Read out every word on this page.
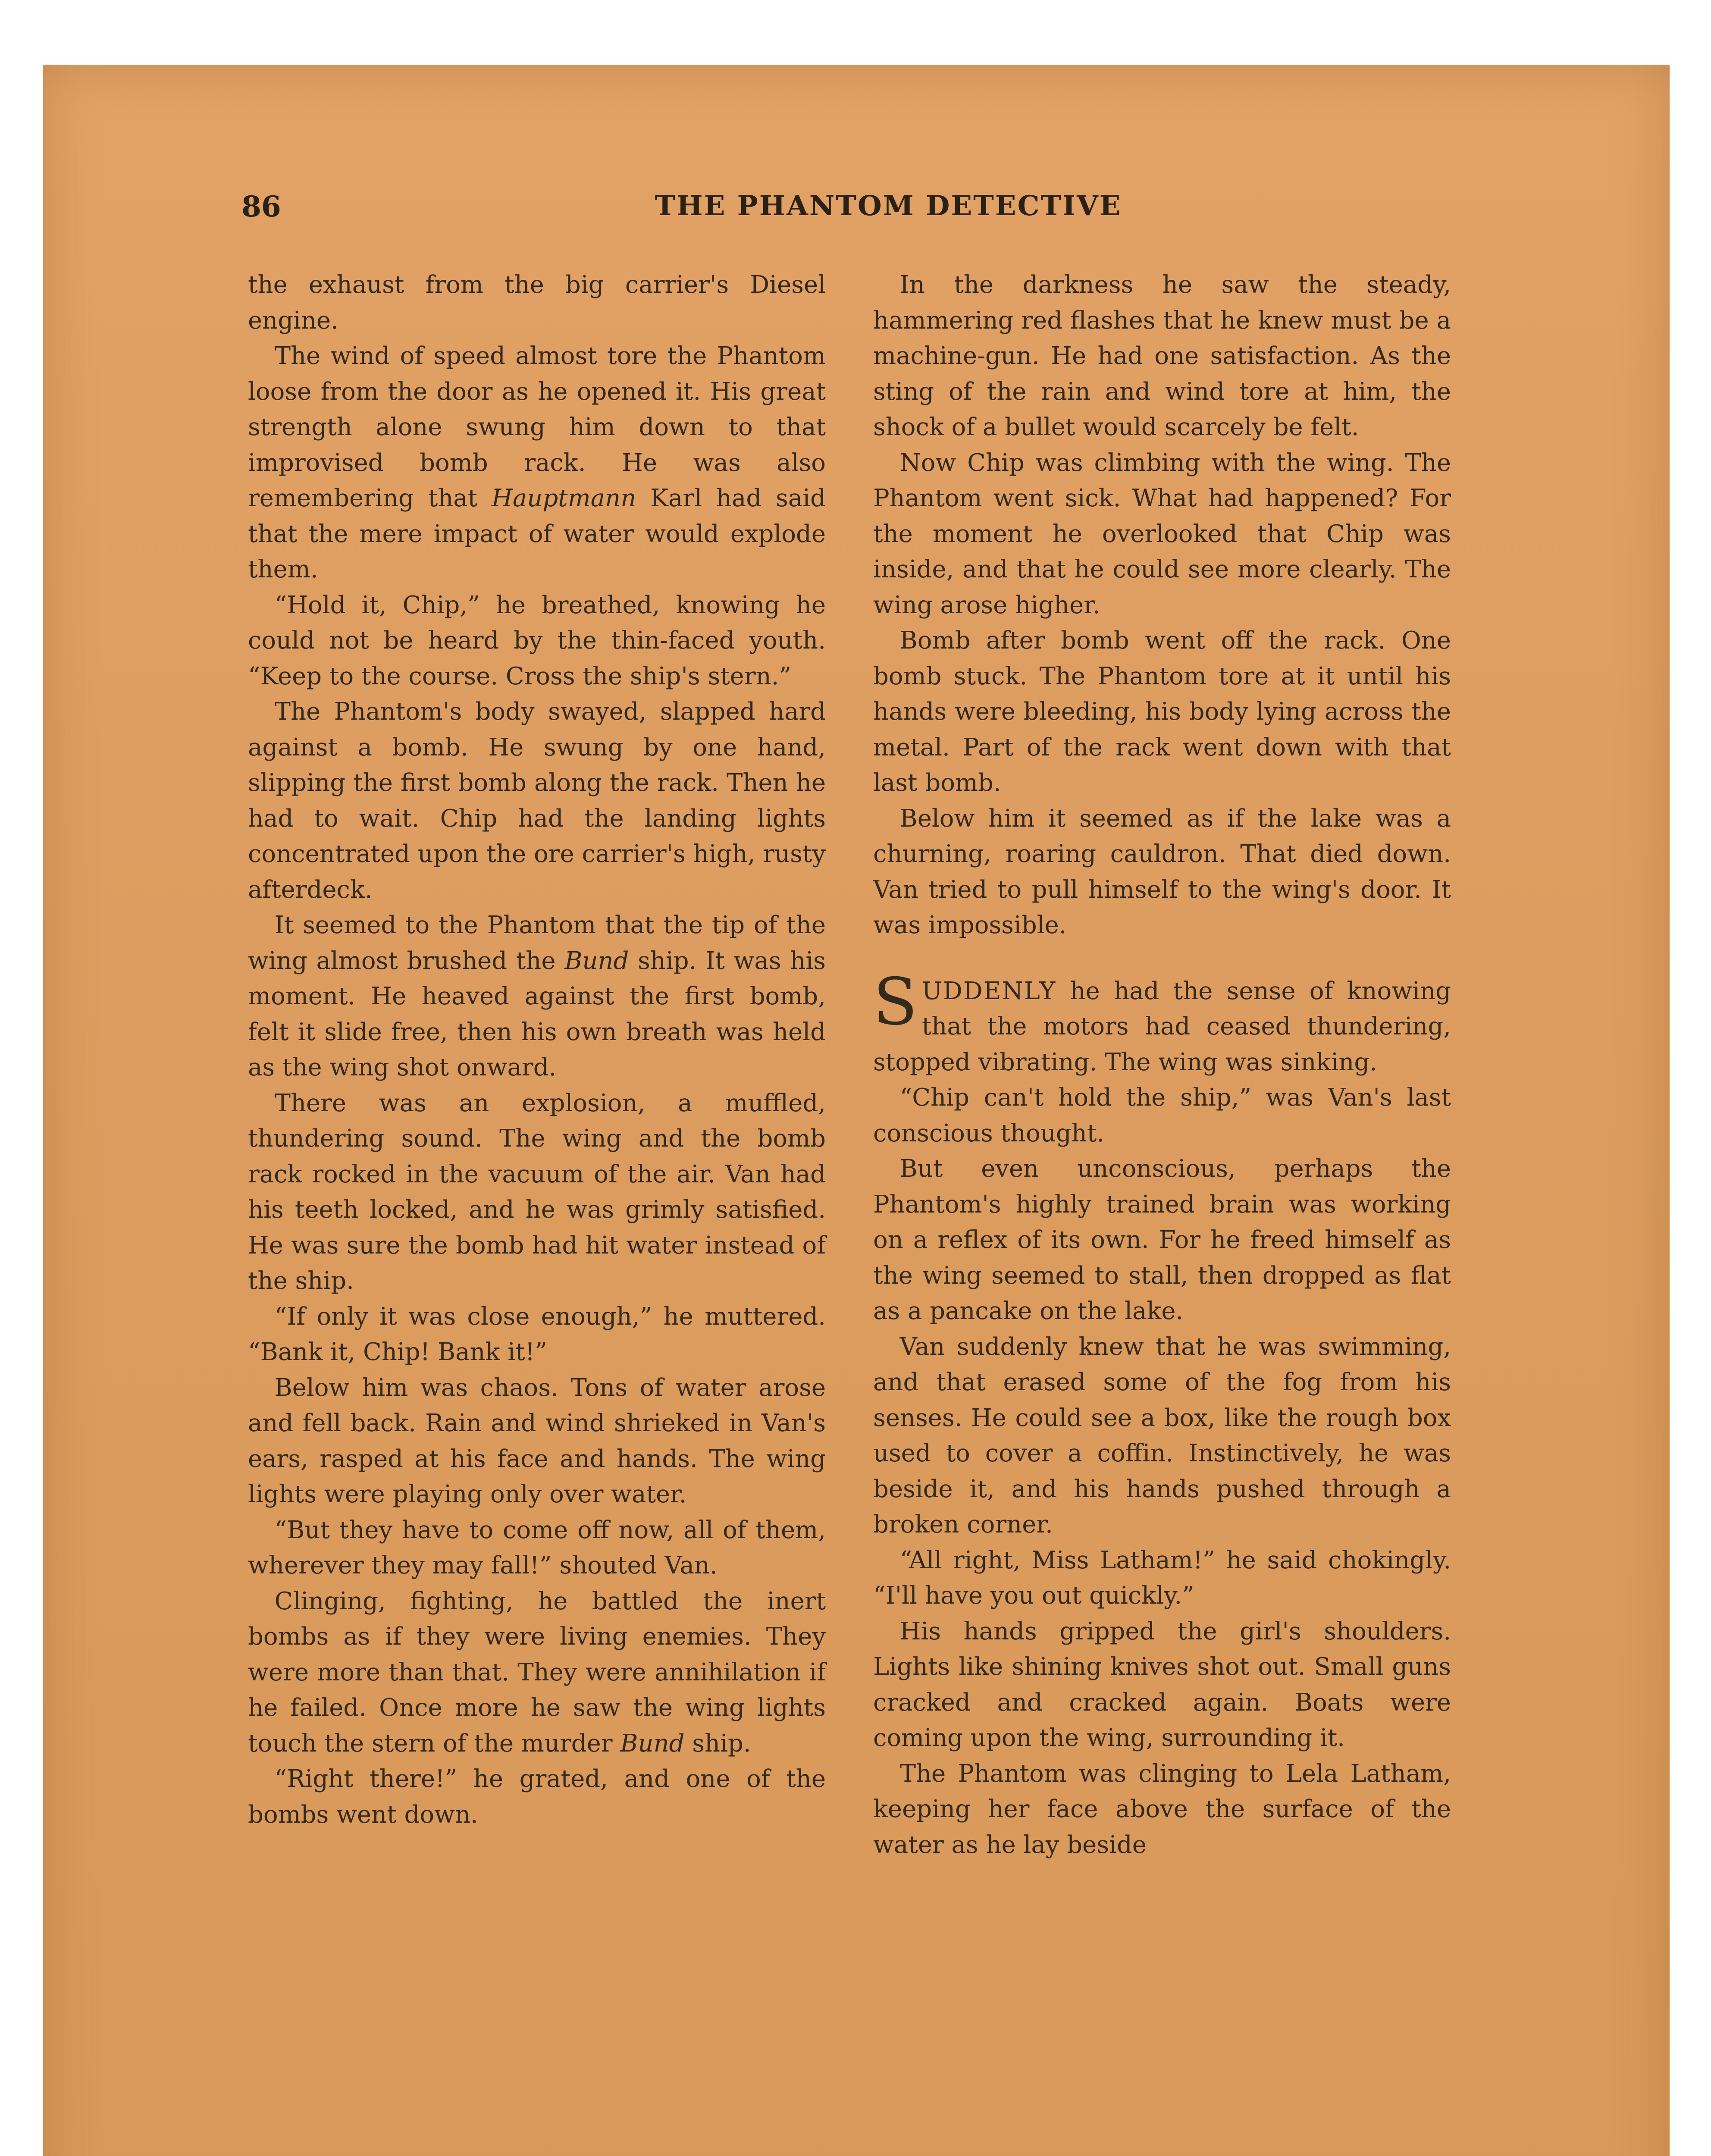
86	THE PHANTOM DETECTIVE

the exhaust from the big carrier's Diesel engine.

The wind of speed almost tore the Phantom loose from the door as he opened it. His great strength alone swung him down to that improvised bomb rack. He was also remembering that Hauptmann Karl had said that the mere impact of water would explode them.

“Hold it, Chip,” he breathed, knowing he could not be heard by the thin-faced youth. “Keep to the course. Cross the ship's stern.”

The Phantom's body swayed, slapped hard against a bomb. He swung by one hand, slipping the first bomb along the rack. Then he had to wait. Chip had the landing lights concentrated upon the ore carrier's high, rusty afterdeck.

It seemed to the Phantom that the tip of the wing almost brushed the Bund ship. It was his moment. He heaved against the first bomb, felt it slide free, then his own breath was held as the wing shot onward.

There was an explosion, a muffled, thundering sound. The wing and the bomb rack rocked in the vacuum of the air. Van had his teeth locked, and he was grimly satisfied. He was sure the bomb had hit water instead of the ship.

“If only it was close enough,” he muttered. “Bank it, Chip! Bank it!”

Below him was chaos. Tons of water arose and fell back. Rain and wind shrieked in Van's ears, rasped at his face and hands. The wing lights were playing only over water.

“But they have to come off now, all of them, wherever they may fall!” shouted Van.

Clinging, fighting, he battled the inert bombs as if they were living enemies. They were more than that. They were annihilation if he failed. Once more he saw the wing lights touch the stern of the murder Bund ship.

“Right there!” he grated, and one of the bombs went down.

In the darkness he saw the steady, hammering red flashes that he knew must be a machine-gun. He had one satisfaction. As the sting of the rain and wind tore at him, the shock of a bullet would scarcely be felt.

Now Chip was climbing with the wing. The Phantom went sick. What had happened? For the moment he overlooked that Chip was inside, and that he could see more clearly. The wing arose higher.

Bomb after bomb went off the rack. One bomb stuck. The Phantom tore at it until his hands were bleeding, his body lying across the metal. Part of the rack went down with that last bomb.

Below him it seemed as if the lake was a churning, roaring cauldron. That died down. Van tried to pull himself to the wing's door. It was impossible.

SUDDENLY he had the sense of knowing that the motors had ceased thundering, stopped vibrating. The wing was sinking.

“Chip can't hold the ship,” was Van's last conscious thought.

But even unconscious, perhaps the Phantom's highly trained brain was working on a reflex of its own. For he freed himself as the wing seemed to stall, then dropped as flat as a pancake on the lake.

Van suddenly knew that he was swimming, and that erased some of the fog from his senses. He could see a box, like the rough box used to cover a coffin. Instinctively, he was beside it, and his hands pushed through a broken corner.

“All right, Miss Latham!” he said chokingly. “I'll have you out quickly.”

His hands gripped the girl's shoulders. Lights like shining knives shot out. Small guns cracked and cracked again. Boats were coming upon the wing, surrounding it.

The Phantom was clinging to Lela Latham, keeping her face above the surface of the water as he lay beside
